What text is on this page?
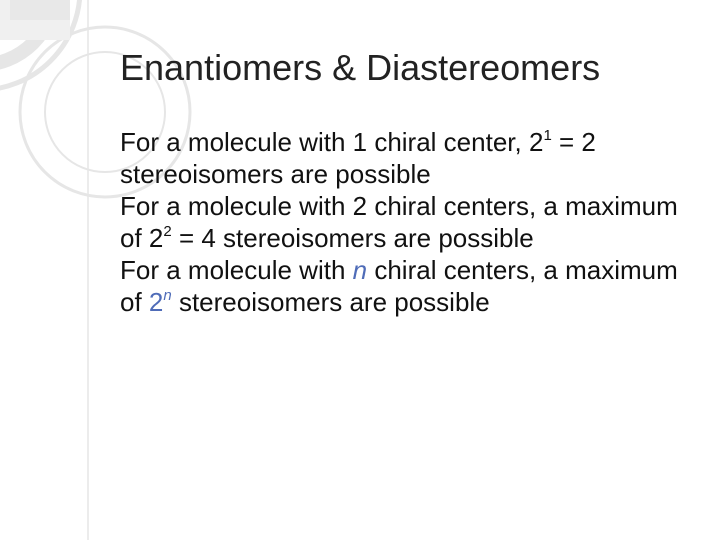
Enantiomers & Diastereomers
For a molecule with 1 chiral center, $2^1 = 2$ stereoisomers are possible
For a molecule with 2 chiral centers, a maximum of $2^2 = 4$ stereoisomers are possible
For a molecule with n chiral centers, a maximum of 2$^n$ stereoisomers are possible
